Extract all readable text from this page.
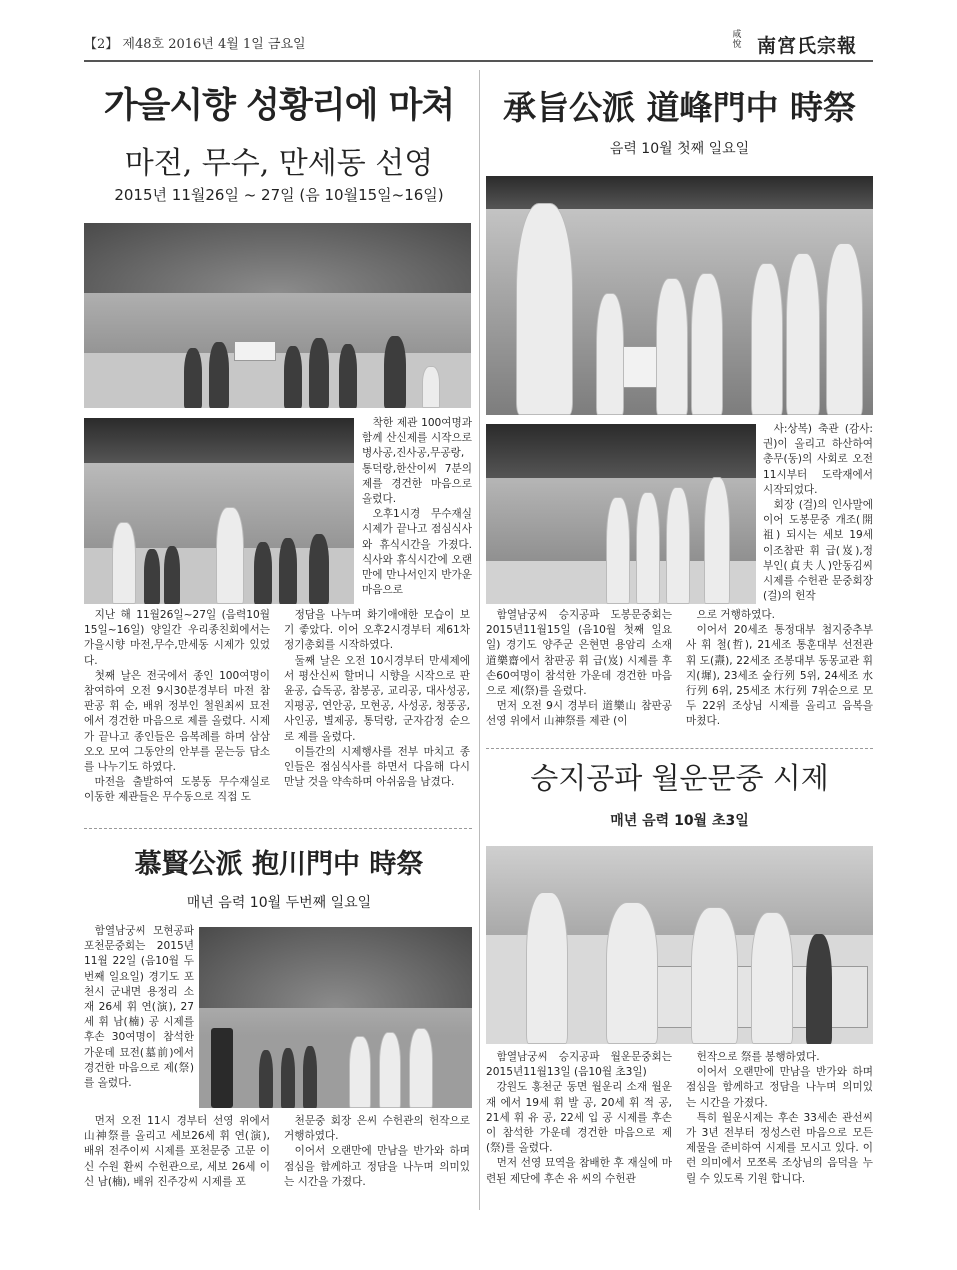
【2】 제48호 2016년 4월 1일 금요일
咸
悅 南宮氏宗報
가을시향 성황리에 마쳐
마전, 무수, 만세동 선영
2015년 11월26일 ~ 27일 (음 10월15일~16일)

착한 제관 100여명과 함께 산신제를 시작으로 병사공,진사공,무공랑,통덕랑,한산이씨 7분의 제를 경건한 마음으로 올렸다.

오후1시경 무수재실 시제가 끝나고 점심식사와 휴식시간을 가졌다. 식사와 휴식시간에 오랜만에 만나서인지 반가운 마음으로

지난 해 11월26일~27일 (음력10월15일~16일) 양일간 우리종친회에서는 가을시향 마전,무수,만세동 시제가 있었다.

첫째 날은 전국에서 종인 100여명이 참여하여 오전 9시30분경부터 마전 참판공 휘 순, 배위 정부인 철원최씨 묘전에서 경건한 마음으로 제를 올렸다. 시제가 끝나고 종인들은 음복례를 하며 삼삼오오 모여 그동안의 안부를 묻는등 담소를 나누기도 하였다.

마전을 출발하여 도봉동 무수재실로 이동한 제관들은 무수동으로 직접 도

정담을 나누며 화기애애한 모습이 보기 좋았다. 이어 오후2시경부터 제61차 정기총회를 시작하였다.

둘째 날은 오전 10시경부터 만세제에서 평산신씨 할머니 시향을 시작으로 판윤공, 습독공, 참봉공, 교리공, 대사성공, 지평공, 연안공, 모현공, 사성공, 청풍공, 사인공, 별제공, 통덕랑, 군자감정 순으로 제를 올렸다.

이틀간의 시제행사를 전부 마치고 종인들은 점심식사를 하면서 다음해 다시 만날 것을 약속하며 아쉬움을 남겼다.

承旨公派 道峰門中 時祭
음력 10월 첫째 일요일

사:상복) 축관 (감사:권)이 올리고 하산하여 총무(동)의 사회로 오전11시부터 도락재에서 시작되었다.

회장 (걸)의 인사말에 이어 도봉문중 개조(開祖) 되시는 세보 19세 이조참판 휘 급(岌),정부인(貞夫人)안동김씨 시제를 수헌관 문중회장(걸)의 헌작

함열남궁씨 승지공파 도봉문중회는 2015년11월15일 (음10월 첫째 일요일) 경기도 양주군 은현면 용암리 소재 道樂齋에서 참판공 휘 급(岌) 시제를 후손60여명이 참석한 가운데 경건한 마음으로 제(祭)를 올렸다.

먼저 오전 9시 경부터 道樂山 참판공 선영 위에서 山神祭를 제관 (이

으로 거행하였다.

이어서 20세조 통정대부 첨지중추부사 휘 철(哲), 21세조 통훈대부 선전관 휘 도(燾), 22세조 조봉대부 동몽교관 휘 지(墀), 23세조 숲行列 5위, 24세조 水行列 6위, 25세조 木行列 7위순으로 모두 22위 조상님 시제를 올리고 음복을 마쳤다.

慕賢公派 抱川門中 時祭
매년 음력 10월 두번째 일요일

함열남궁씨 모현공파 포천문중회는 2015년 11월 22일 (음10월 두 번째 일요일) 경기도 포천시 군내면 용정리 소재 26세 휘 연(演), 27세 휘 남(楠) 공 시제를 후손 30여명이 참석한 가운데 묘전(墓前)에서 경건한 마음으로 제(祭)를 올렸다.

먼저 오전 11시 경부터 선영 위에서 山神祭를 올리고 세보26세 휘 연(演), 배위 전주이씨 시제를 포천문중 고문 이신 수원 환씨 수헌관으로, 세보 26세 이신 남(楠), 배위 진주강씨 시제를 포

천문중 회장 은씨 수헌관의 헌작으로 거행하였다.

이어서 오랜만에 만남을 반가와 하며 점심을 함께하고 정담을 나누며 의미있는 시간을 가졌다.

승지공파 월운문중 시제
매년 음력 10월 초3일

함열남궁씨 승지공파 월운문중회는 2015년11월13일 (음10월 초3일)

강원도 홍천군 동면 월운리 소재 월운재 에서 19세 휘 발 공, 20세 휘 적 공, 21세 휘 유 공, 22세 입 공 시제를 후손 이 참석한 가운데 경건한 마음으로 제(祭)를 올렸다.

먼저 선영 묘역을 참배한 후 재실에 마련된 제단에 후손 유 씨의 수헌관

헌작으로 祭를 봉행하였다.

이어서 오랜만에 만남을 반가와 하며 점심을 함께하고 정담을 나누며 의미있는 시간을 가졌다.

특히 월운시제는 후손 33세손 관선씨가 3년 전부터 정성스런 마음으로 모든 제물을 준비하여 시제를 모시고 있다. 이런 의미에서 모쪼록 조상님의 음덕을 누릴 수 있도록 기원 합니다.
